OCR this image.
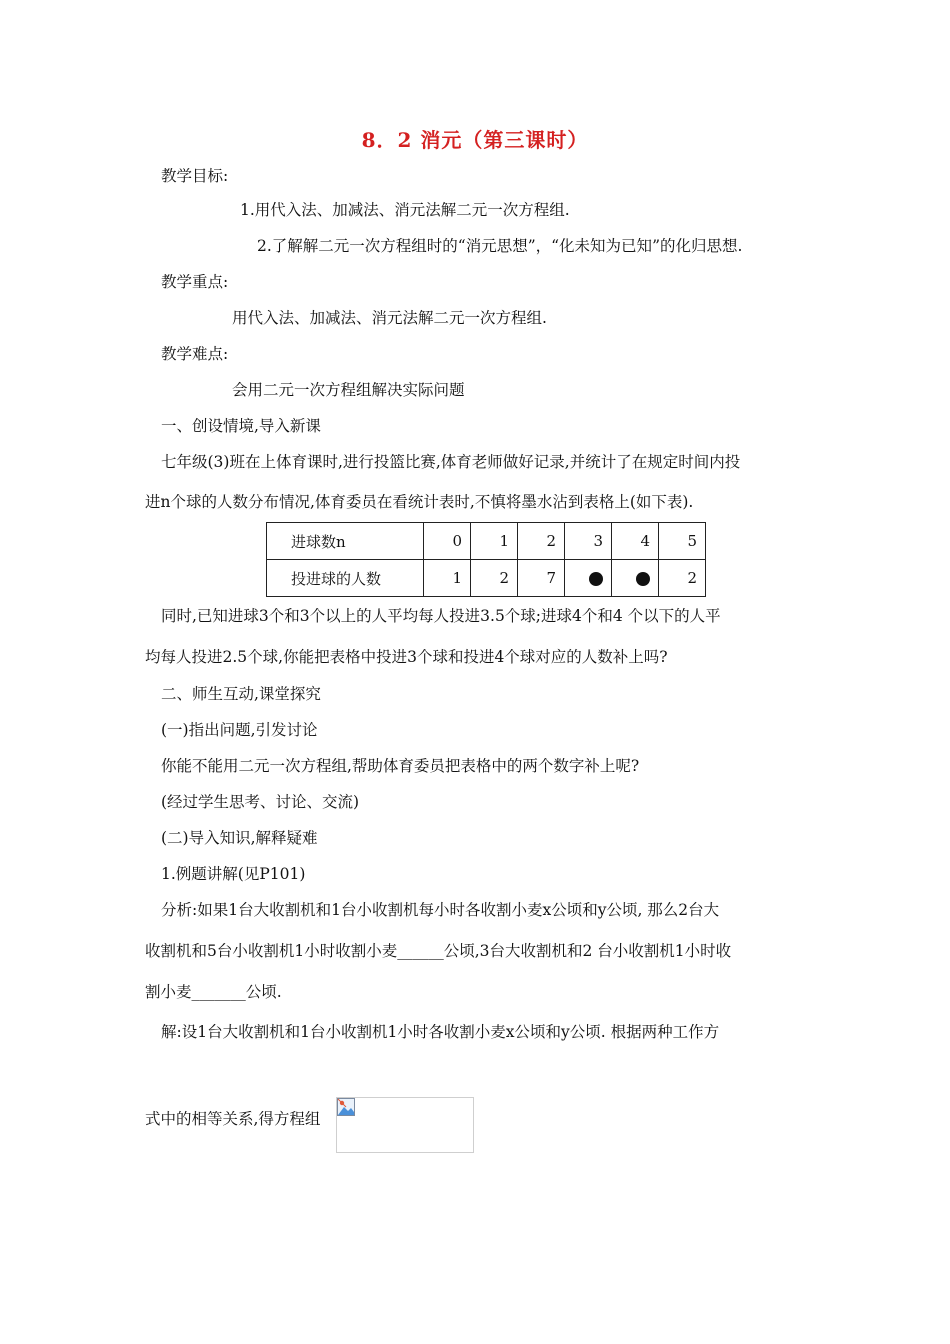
8．2 消元（第三课时）
教学目标:
1.用代入法、加减法、消元法解二元一次方程组.
2.了解解二元一次方程组时的“消元思想”，“化未知为已知”的化归思想.
教学重点:
用代入法、加减法、消元法解二元一次方程组.
教学难点:
会用二元一次方程组解决实际问题
一、创设情境,导入新课
七年级(3)班在上体育课时,进行投篮比赛,体育老师做好记录,并统计了在规定时间内投
进n个球的人数分布情况,体育委员在看统计表时,不慎将墨水沾到表格上(如下表).
进球数n	0	1	2	3	4	5
投进球的人数	1	2	7			2
同时,已知进球3个和3个以上的人平均每人投进3.5个球;进球4个和4 个以下的人平
均每人投进2.5个球,你能把表格中投进3个球和投进4个球对应的人数补上吗?
二、师生互动,课堂探究
(一)指出问题,引发讨论
你能不能用二元一次方程组,帮助体育委员把表格中的两个数字补上呢?
(经过学生思考、讨论、交流)
(二)导入知识,解释疑难
1.例题讲解(见P101)
分析:如果1台大收割机和1台小收割机每小时各收割小麦x公顷和y公顷, 那么2台大
收割机和5台小收割机1小时收割小麦______公顷,3台大收割机和2 台小收割机1小时收
割小麦_______公顷.
解:设1台大收割机和1台小收割机1小时各收割小麦x公顷和y公顷. 根据两种工作方
式中的相等关系,得方程组
